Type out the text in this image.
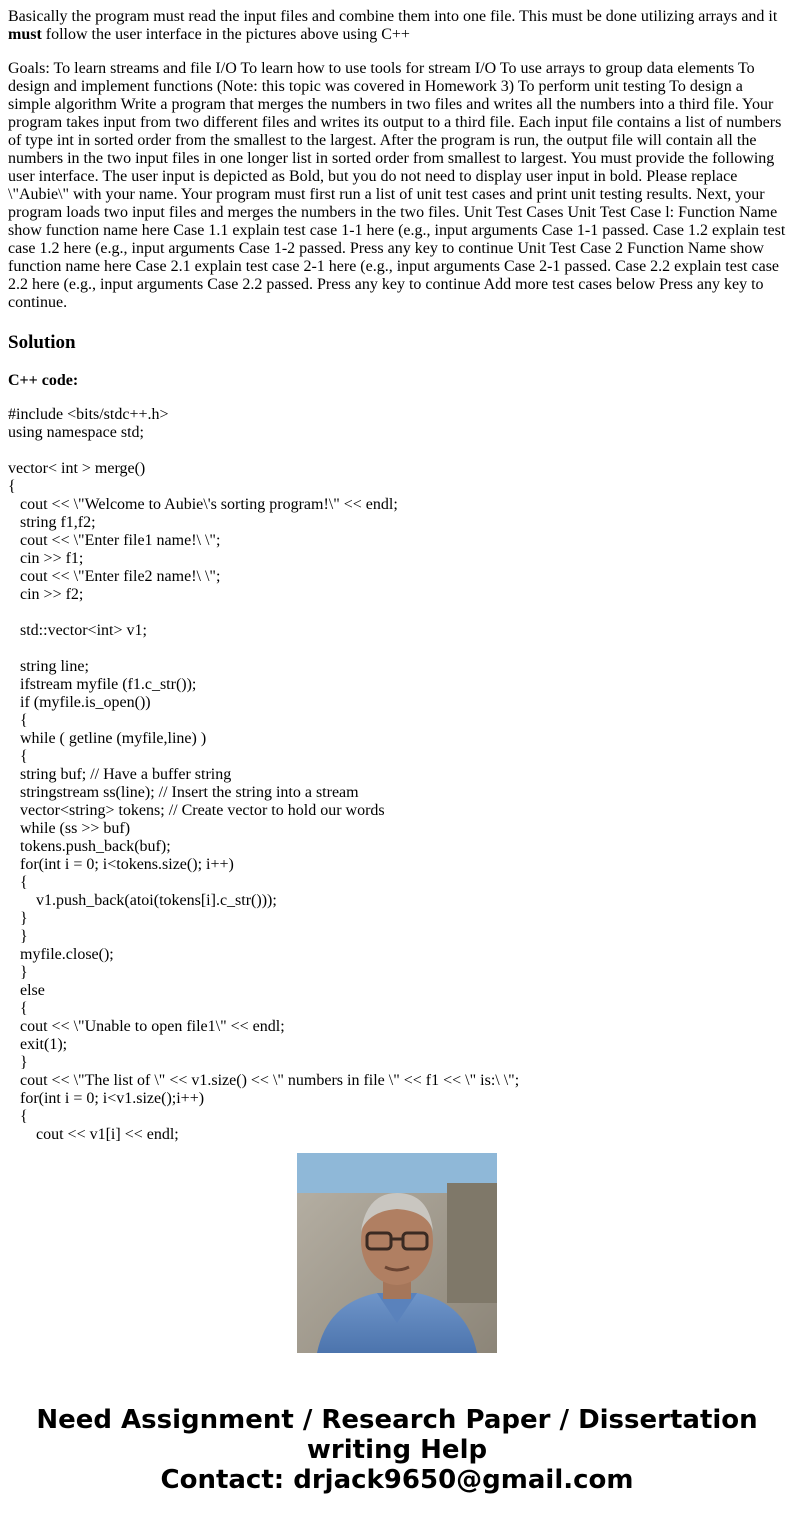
Basically the program must read the input files and combine them into one file. This must be done utilizing arrays and it must follow the user interface in the pictures above using C++
Goals: To learn streams and file I/O To learn how to use tools for stream I/O To use arrays to group data elements To design and implement functions (Note: this topic was covered in Homework 3) To perform unit testing To design a simple algorithm Write a program that merges the numbers in two files and writes all the numbers into a third file. Your program takes input from two different files and writes its output to a third file. Each input file contains a list of numbers of type int in sorted order from the smallest to the largest. After the program is run, the output file will contain all the numbers in the two input files in one longer list in sorted order from smallest to largest. You must provide the following user interface. The user input is depicted as Bold, but you do not need to display user input in bold. Please replace \"Aubie\" with your name. Your program must first run a list of unit test cases and print unit testing results. Next, your program loads two input files and merges the numbers in the two files. Unit Test Cases Unit Test Case l: Function Name show function name here Case 1.1 explain test case 1-1 here (e.g., input arguments Case 1-1 passed. Case 1.2 explain test case 1.2 here (e.g., input arguments Case 1-2 passed. Press any key to continue Unit Test Case 2 Function Name show function name here Case 2.1 explain test case 2-1 here (e.g., input arguments Case 2-1 passed. Case 2.2 explain test case 2.2 here (e.g., input arguments Case 2.2 passed. Press any key to continue Add more test cases below Press any key to continue.
Solution
C++ code:
#include <bits/stdc++.h>
using namespace std;

vector< int > merge()
{
cout << \"Welcome to Aubie\'s sorting program!\" << endl;
string f1,f2;
cout << \"Enter file1 name!\ \";
cin >> f1;
cout << \"Enter file2 name!\ \";
cin >> f2;

std::vector<int> v1;

string line;
ifstream myfile (f1.c_str());
if (myfile.is_open())
{
while ( getline (myfile,line) )
{
string buf; // Have a buffer string
stringstream ss(line); // Insert the string into a stream
vector<string> tokens; // Create vector to hold our words
while (ss >> buf)
tokens.push_back(buf);
for(int i = 0; i<tokens.size(); i++)
{
v1.push_back(atoi(tokens[i].c_str()));
}
}
myfile.close();
}
else
{
cout << \"Unable to open file1\" << endl;
exit(1);
}
cout << \"The list of \" << v1.size() << \" numbers in file \" << f1 << \" is:\ \";
for(int i = 0; i<v1.size();i++)
{
cout << v1[i] << endl;
Need Assignment / Research Paper / Dissertation
writing Help
Contact: drjack9650@gmail.com
